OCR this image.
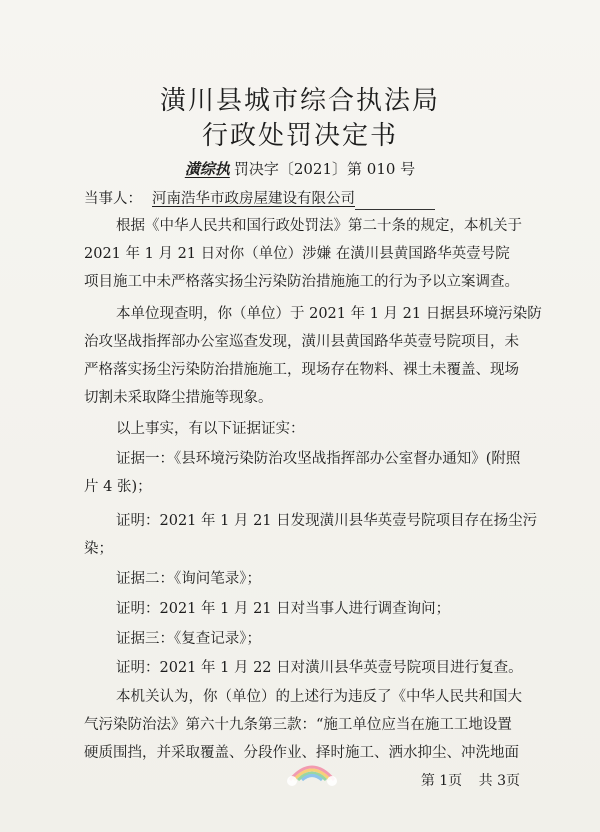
潢川县城市综合执法局
行政处罚决定书
潢综执 罚决字〔2021〕第 010 号
当事人： 河南浩华市政房屋建设有限公司
根据《中华人民共和国行政处罚法》第二十条的规定，本机关于
2021 年 1 月 21 日对你（单位）涉嫌 在潢川县黄国路华英壹号院
项目施工中未严格落实扬尘污染防治措施施工的行为予以立案调查。
本单位现查明，你（单位）于 2021 年 1 月 21 日据县环境污染防
治攻坚战指挥部办公室巡查发现，潢川县黄国路华英壹号院项目，未
严格落实扬尘污染防治措施施工，现场存在物料、裸土未覆盖、现场
切割未采取降尘措施等现象。
以上事实，有以下证据证实：
证据一：《县环境污染防治攻坚战指挥部办公室督办通知》(附照
片 4 张)；
证明：2021 年 1 月 21 日发现潢川县华英壹号院项目存在扬尘污
染；
证据二：《询问笔录》；
证明：2021 年 1 月 21 日对当事人进行调查询问；
证据三：《复查记录》；
证明：2021 年 1 月 22 日对潢川县华英壹号院项目进行复查。
本机关认为，你（单位）的上述行为违反了《中华人民共和国大
气污染防治法》第六十九条第三款：“施工单位应当在施工工地设置
硬质围挡，并采取覆盖、分段作业、择时施工、洒水抑尘、冲洗地面
第 1页 共 3页
